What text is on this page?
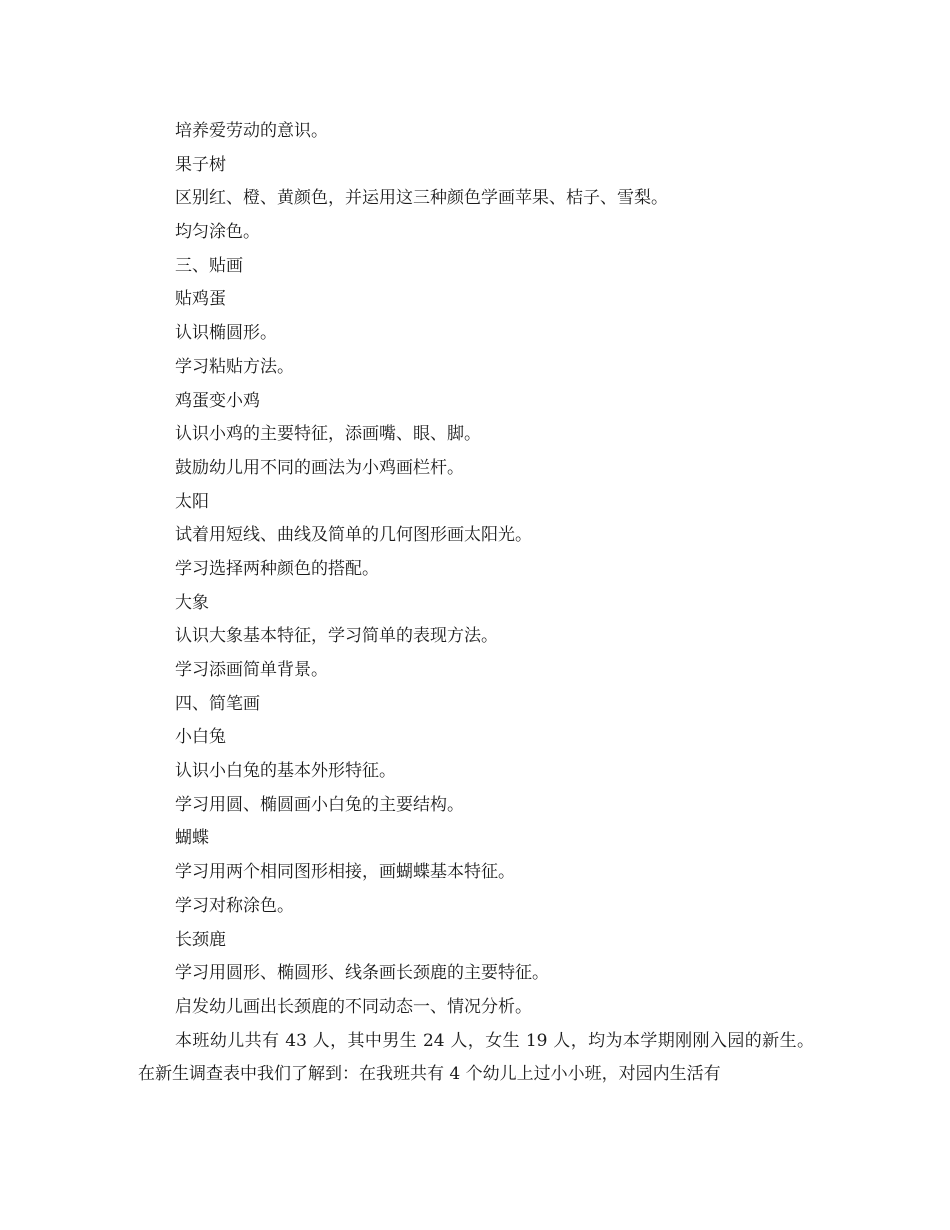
培养爱劳动的意识。
果子树
区别红、橙、黄颜色，并运用这三种颜色学画苹果、桔子、雪梨。
均匀涂色。
三、贴画
贴鸡蛋
认识椭圆形。
学习粘贴方法。
鸡蛋变小鸡
认识小鸡的主要特征，添画嘴、眼、脚。
鼓励幼儿用不同的画法为小鸡画栏杆。
太阳
试着用短线、曲线及简单的几何图形画太阳光。
学习选择两种颜色的搭配。
大象
认识大象基本特征，学习简单的表现方法。
学习添画简单背景。
四、简笔画
小白兔
认识小白兔的基本外形特征。
学习用圆、椭圆画小白兔的主要结构。
蝴蝶
学习用两个相同图形相接，画蝴蝶基本特征。
学习对称涂色。
长颈鹿
学习用圆形、椭圆形、线条画长颈鹿的主要特征。
启发幼儿画出长颈鹿的不同动态一、情况分析。
本班幼儿共有 43 人，其中男生 24 人，女生 19 人，均为本学期刚刚入园的新生。在新生调查表中我们了解到：在我班共有 4 个幼儿上过小小班，对园内生活有
